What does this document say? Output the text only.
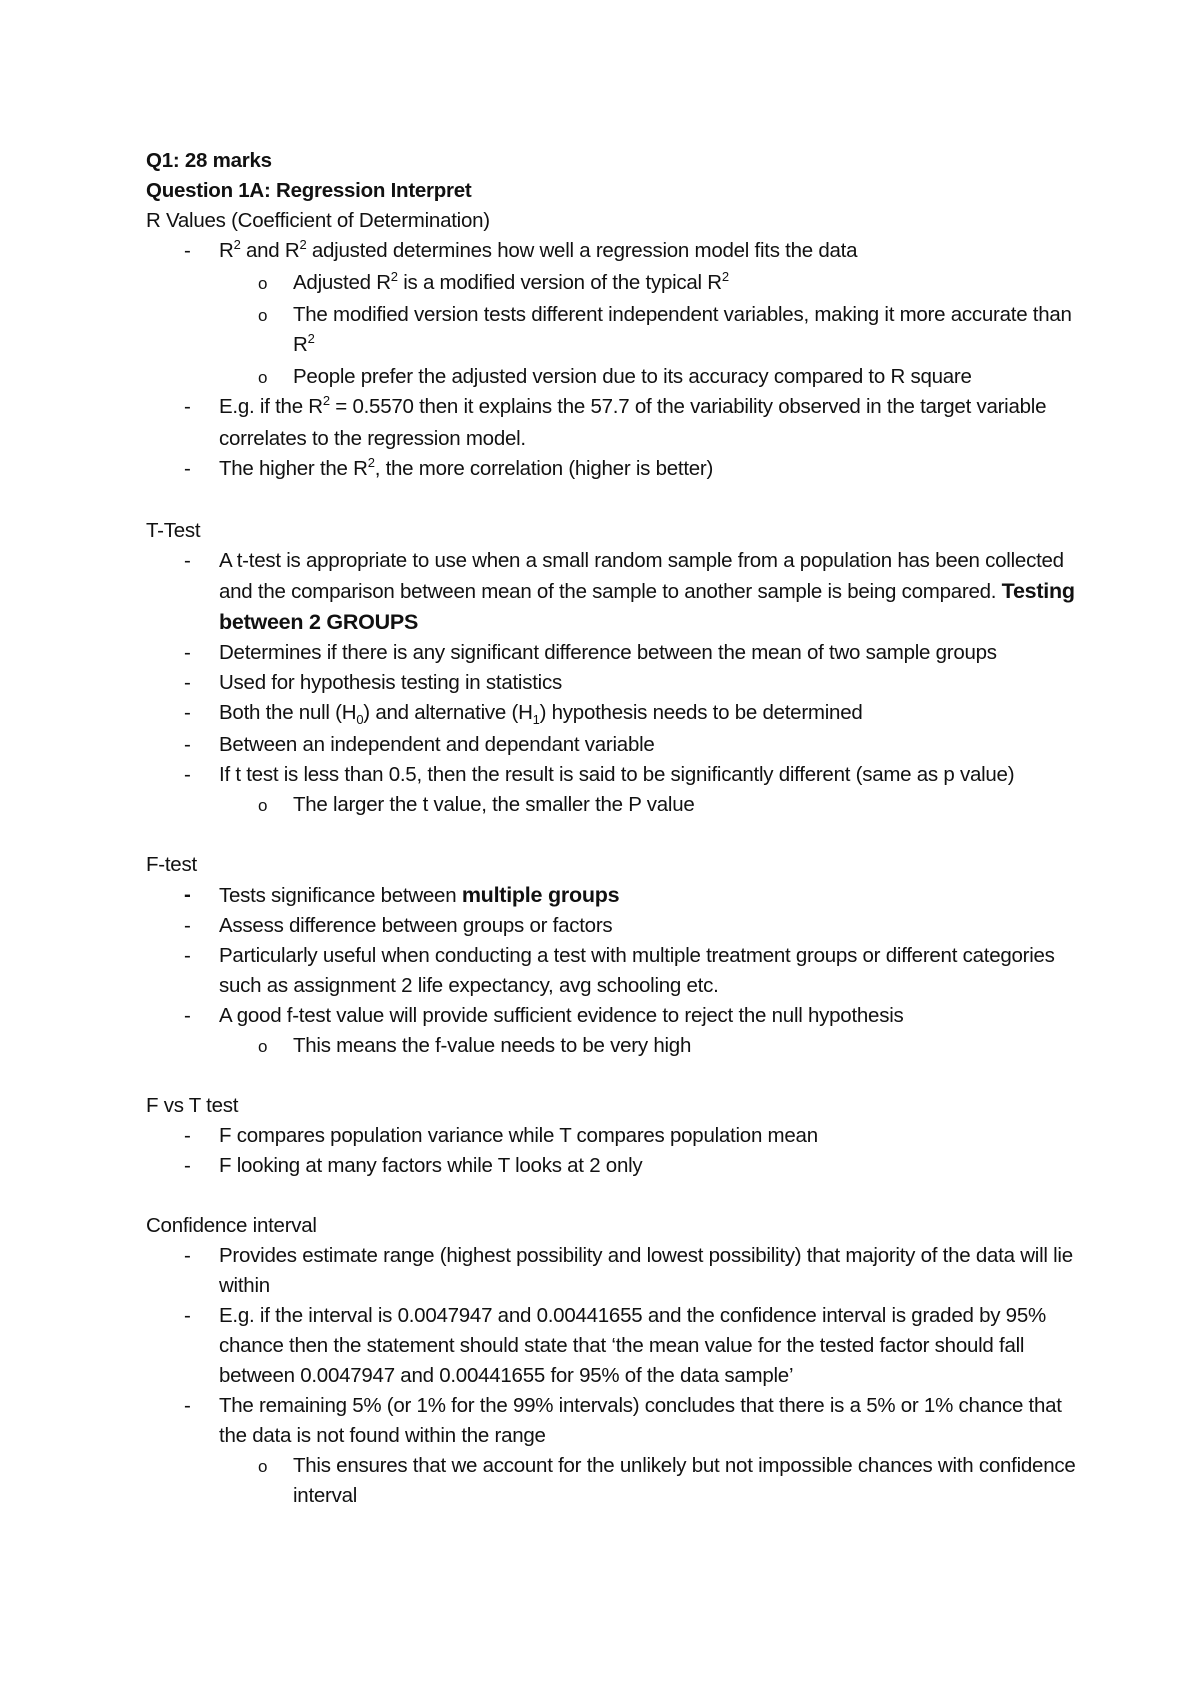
Q1: 28 marks
Question 1A: Regression Interpret
R Values (Coefficient of Determination)
- $R^2$ and $R^2$ adjusted determines how well a regression model fits the data
o Adjusted $R^2$ is a modified version of the typical $R^2$
o The modified version tests different independent variables, making it more accurate than $R^2$
o People prefer the adjusted version due to its accuracy compared to R square
- E.g. if the $R^2 = 0.5570$ then it explains the 57.7 of the variability observed in the target variable correlates to the regression model.
- The higher the $R^2$, the more correlation (higher is better)
T-Test
- A t-test is appropriate to use when a small random sample from a population has been collected and the comparison between mean of the sample to another sample is being compared. Testing between 2 GROUPS
- Determines if there is any significant difference between the mean of two sample groups
- Used for hypothesis testing in statistics
- Both the null $(H_0)$ and alternative $(H_1)$ hypothesis needs to be determined
- Between an independent and dependant variable
- If t test is less than 0.5, then the result is said to be significantly different (same as p value)
o The larger the t value, the smaller the P value
F-test
- Tests significance between multiple groups
- Assess difference between groups or factors
- Particularly useful when conducting a test with multiple treatment groups or different categories such as assignment 2 life expectancy, avg schooling etc.
- A good f-test value will provide sufficient evidence to reject the null hypothesis
o This means the f-value needs to be very high
F vs T test
- F compares population variance while T compares population mean
- F looking at many factors while T looks at 2 only
Confidence interval
- Provides estimate range (highest possibility and lowest possibility) that majority of the data will lie within
- E.g. if the interval is 0.0047947 and 0.00441655 and the confidence interval is graded by 95% chance then the statement should state that ‘the mean value for the tested factor should fall between 0.0047947 and 0.00441655 for 95% of the data sample’
- The remaining 5% (or 1% for the 99% intervals) concludes that there is a 5% or 1% chance that the data is not found within the range
o This ensures that we account for the unlikely but not impossible chances with confidence interval
